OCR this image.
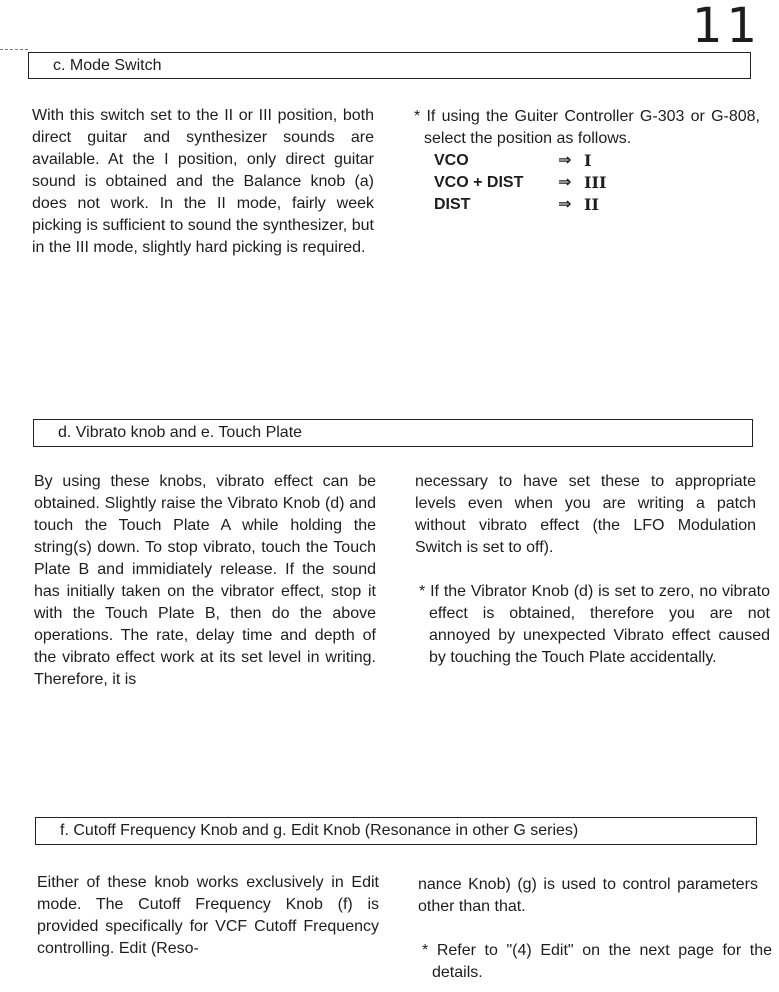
11
c. Mode Switch

With this switch set to the II or III position, both direct guitar and synthesizer sounds are available. At the I position, only direct guitar sound is obtained and the Balance knob (a) does not work. In the II mode, fairly week picking is sufficient to sound the synthesizer, but in the III mode, slightly hard picking is required.

* If using the Guiter Controller G-303 or G-808, select the position as follows.

VCO	⇒ I
VCO + DIST	⇒ III
DIST	⇒ II
d. Vibrato knob and e. Touch Plate

By using these knobs, vibrato effect can be obtained. Slightly raise the Vibrato Knob (d) and touch the Touch Plate A while holding the string(s) down. To stop vibrato, touch the Touch Plate B and immidiately release. If the sound has initially taken on the vibrator effect, stop it with the Touch Plate B, then do the above operations. The rate, delay time and depth of the vibrato effect work at its set level in writing. Therefore, it is

necessary to have set these to appropriate levels even when you are writing a patch without vibrato effect (the LFO Modulation Switch is set to off).

* If the Vibrator Knob (d) is set to zero, no vibrato effect is obtained, therefore you are not annoyed by unexpected Vibrato effect caused by touching the Touch Plate accidentally.

f. Cutoff Frequency Knob and g. Edit Knob (Resonance in other G series)

Either of these knob works exclusively in Edit mode. The Cutoff Frequency Knob (f) is provided specifically for VCF Cutoff Frequency controlling. Edit (Reso-

nance Knob) (g) is used to control parameters other than that.

* Refer to "(4) Edit" on the next page for the details.
